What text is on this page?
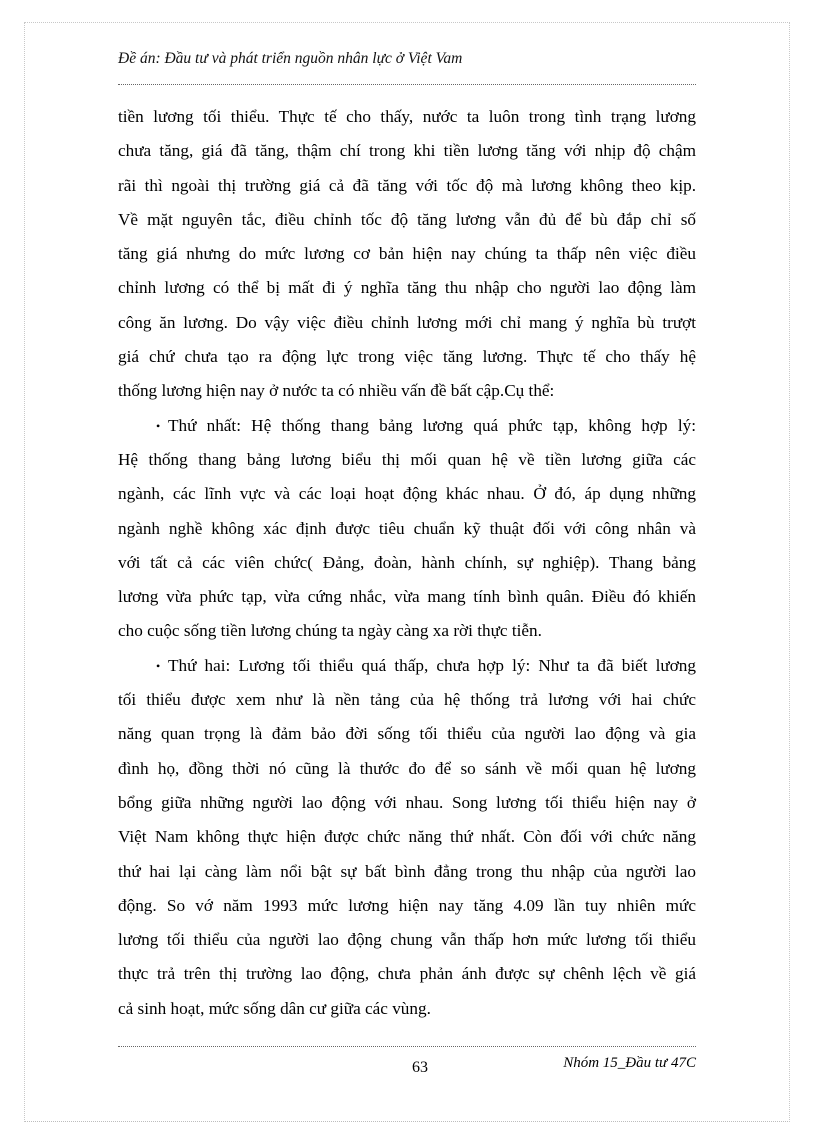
Đề án: Đầu tư và phát triển nguồn nhân lực ở Việt Vam

tiền lương tối thiểu. Thực tế cho thấy, nước ta luôn trong tình trạng lương
chưa tăng, giá đã tăng, thậm chí trong khi tiền lương tăng với nhịp độ chậm
rãi thì ngoài thị trường giá cả đã tăng với tốc độ mà lương không theo kịp.
Về mặt nguyên tắc, điều chỉnh tốc độ tăng lương vẫn đủ để bù đắp chỉ số
tăng giá nhưng do mức lương cơ bản hiện nay chúng ta thấp nên việc điều
chỉnh lương có thể bị mất đi ý nghĩa tăng thu nhập cho người lao động làm
công ăn lương. Do vậy việc điều chỉnh lương mới chỉ mang ý nghĩa bù trượt
giá chứ chưa tạo ra động lực trong việc tăng lương. Thực tế cho thấy hệ
thống lương hiện nay ở nước ta có nhiều vấn đề bất cập.Cụ thể:

• Thứ nhất: Hệ thống thang bảng lương quá phức tạp, không hợp lý:
Hệ thống thang bảng lương biểu thị mối quan hệ về tiền lương giữa các
ngành, các lĩnh vực và các loại hoạt động khác nhau. Ở đó, áp dụng những
ngành nghề không xác định được tiêu chuẩn kỹ thuật đối với công nhân và
với tất cả các viên chức( Đảng, đoàn, hành chính, sự nghiệp). Thang bảng
lương vừa phức tạp, vừa cứng nhắc, vừa mang tính bình quân. Điều đó khiến
cho cuộc sống tiền lương chúng ta ngày càng xa rời thực tiễn.

• Thứ hai: Lương tối thiểu quá thấp, chưa hợp lý: Như ta đã biết lương
tối thiểu được xem như là nền tảng của hệ thống trả lương với hai chức
năng quan trọng là đảm bảo đời sống tối thiểu của người lao động và gia
đình họ, đồng thời nó cũng là thước đo để so sánh về mối quan hệ lương
bổng giữa những người lao động với nhau. Song lương tối thiểu hiện nay ở
Việt Nam không thực hiện được chức năng thứ nhất. Còn đối với chức năng
thứ hai lại càng làm nổi bật sự bất bình đẳng trong thu nhập của người lao
động. So vớ năm 1993 mức lương hiện nay tăng 4.09 lần tuy nhiên mức
lương tối thiểu của người lao động chung vẫn thấp hơn mức lương tối thiểu
thực trả trên thị trường lao động, chưa phản ánh được sự chênh lệch về giá
cả sinh hoạt, mức sống dân cư giữa các vùng.

63	Nhóm 15_Đầu tư 47C
